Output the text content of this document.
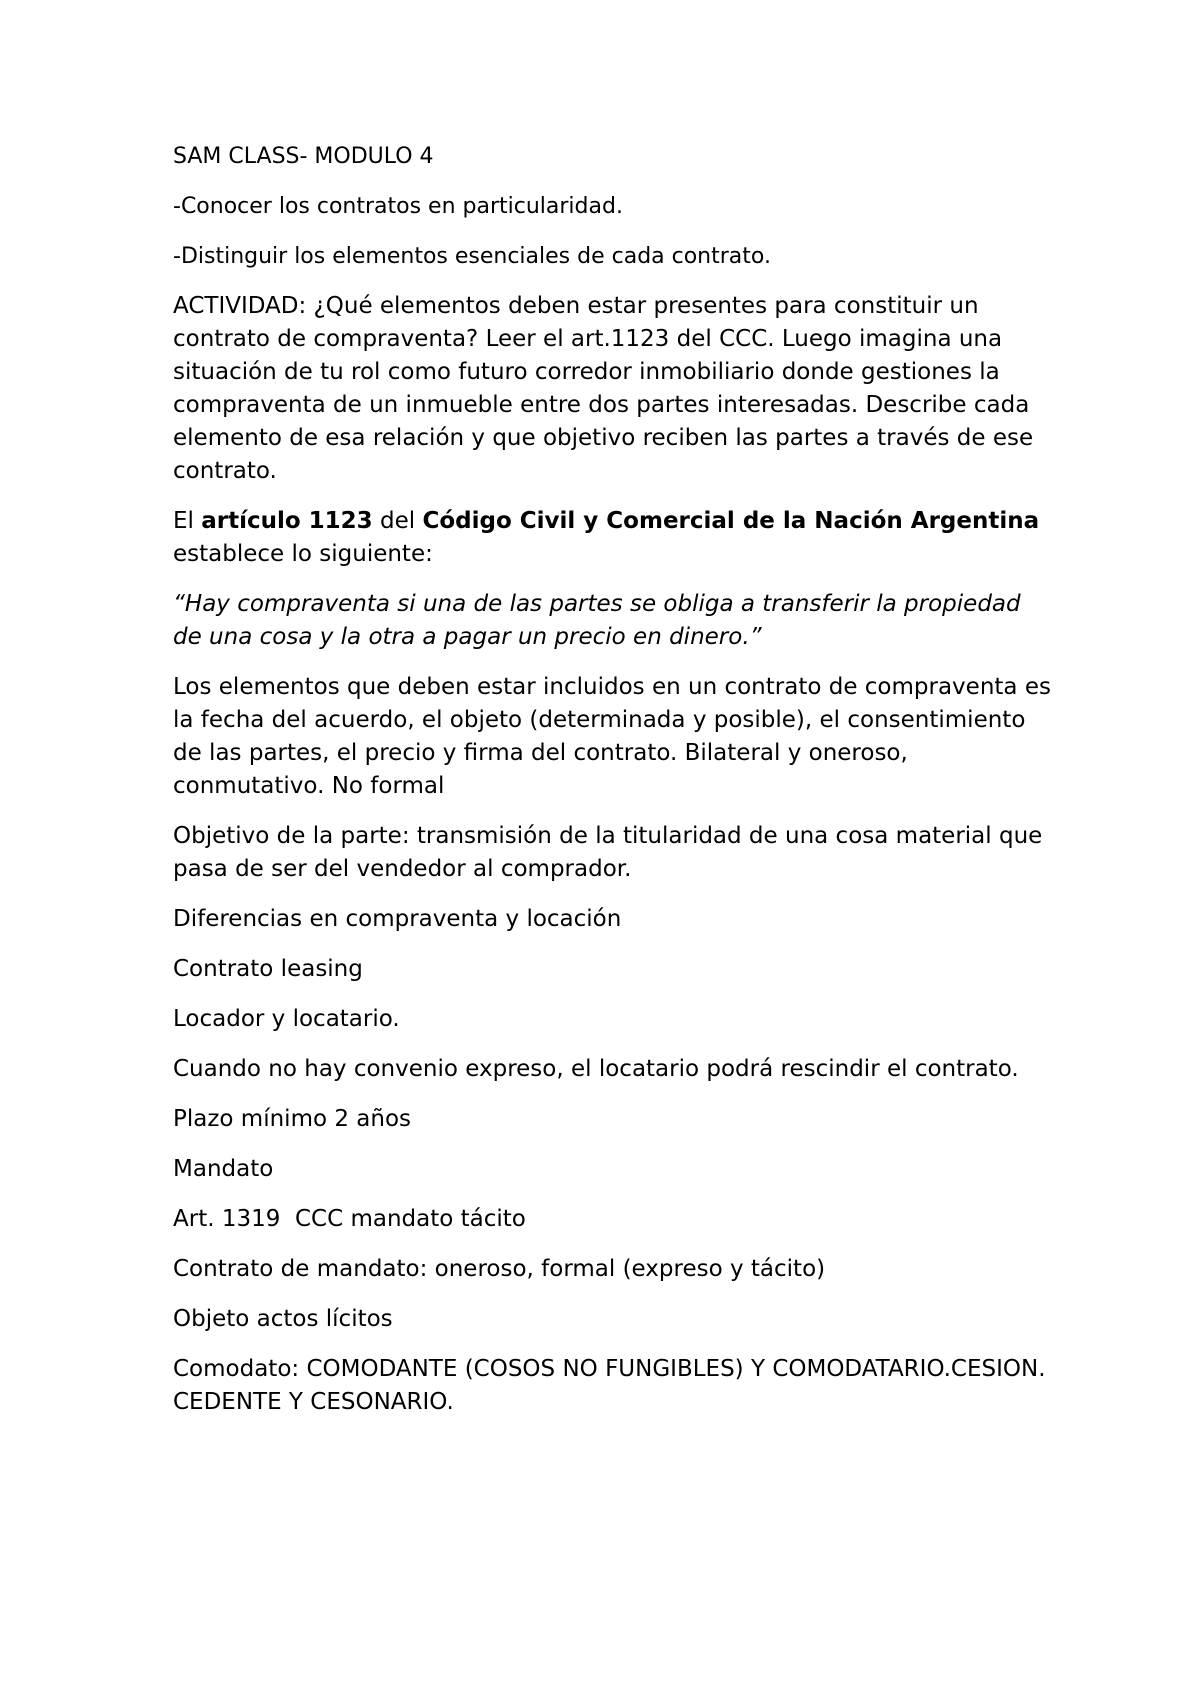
SAM CLASS- MODULO 4

-Conocer los contratos en particularidad.

-Distinguir los elementos esenciales de cada contrato.

ACTIVIDAD: ¿Qué elementos deben estar presentes para constituir un contrato de compraventa? Leer el art.1123 del CCC. Luego imagina una situación de tu rol como futuro corredor inmobiliario donde gestiones la compraventa de un inmueble entre dos partes interesadas. Describe cada elemento de esa relación y que objetivo reciben las partes a través de ese contrato.

El artículo 1123 del Código Civil y Comercial de la Nación Argentina establece lo siguiente:

“Hay compraventa si una de las partes se obliga a transferir la propiedad de una cosa y la otra a pagar un precio en dinero.”

Los elementos que deben estar incluidos en un contrato de compraventa es la fecha del acuerdo, el objeto (determinada y posible), el consentimiento de las partes, el precio y firma del contrato. Bilateral y oneroso, conmutativo. No formal

Objetivo de la parte: transmisión de la titularidad de una cosa material que pasa de ser del vendedor al comprador.

Diferencias en compraventa y locación

Contrato leasing

Locador y locatario.

Cuando no hay convenio expreso, el locatario podrá rescindir el contrato.

Plazo mínimo 2 años

Mandato

Art. 1319  CCC mandato tácito

Contrato de mandato: oneroso, formal (expreso y tácito)

Objeto actos lícitos

Comodato: COMODANTE (COSOS NO FUNGIBLES) Y COMODATARIO.CESION. CEDENTE Y CESONARIO.
